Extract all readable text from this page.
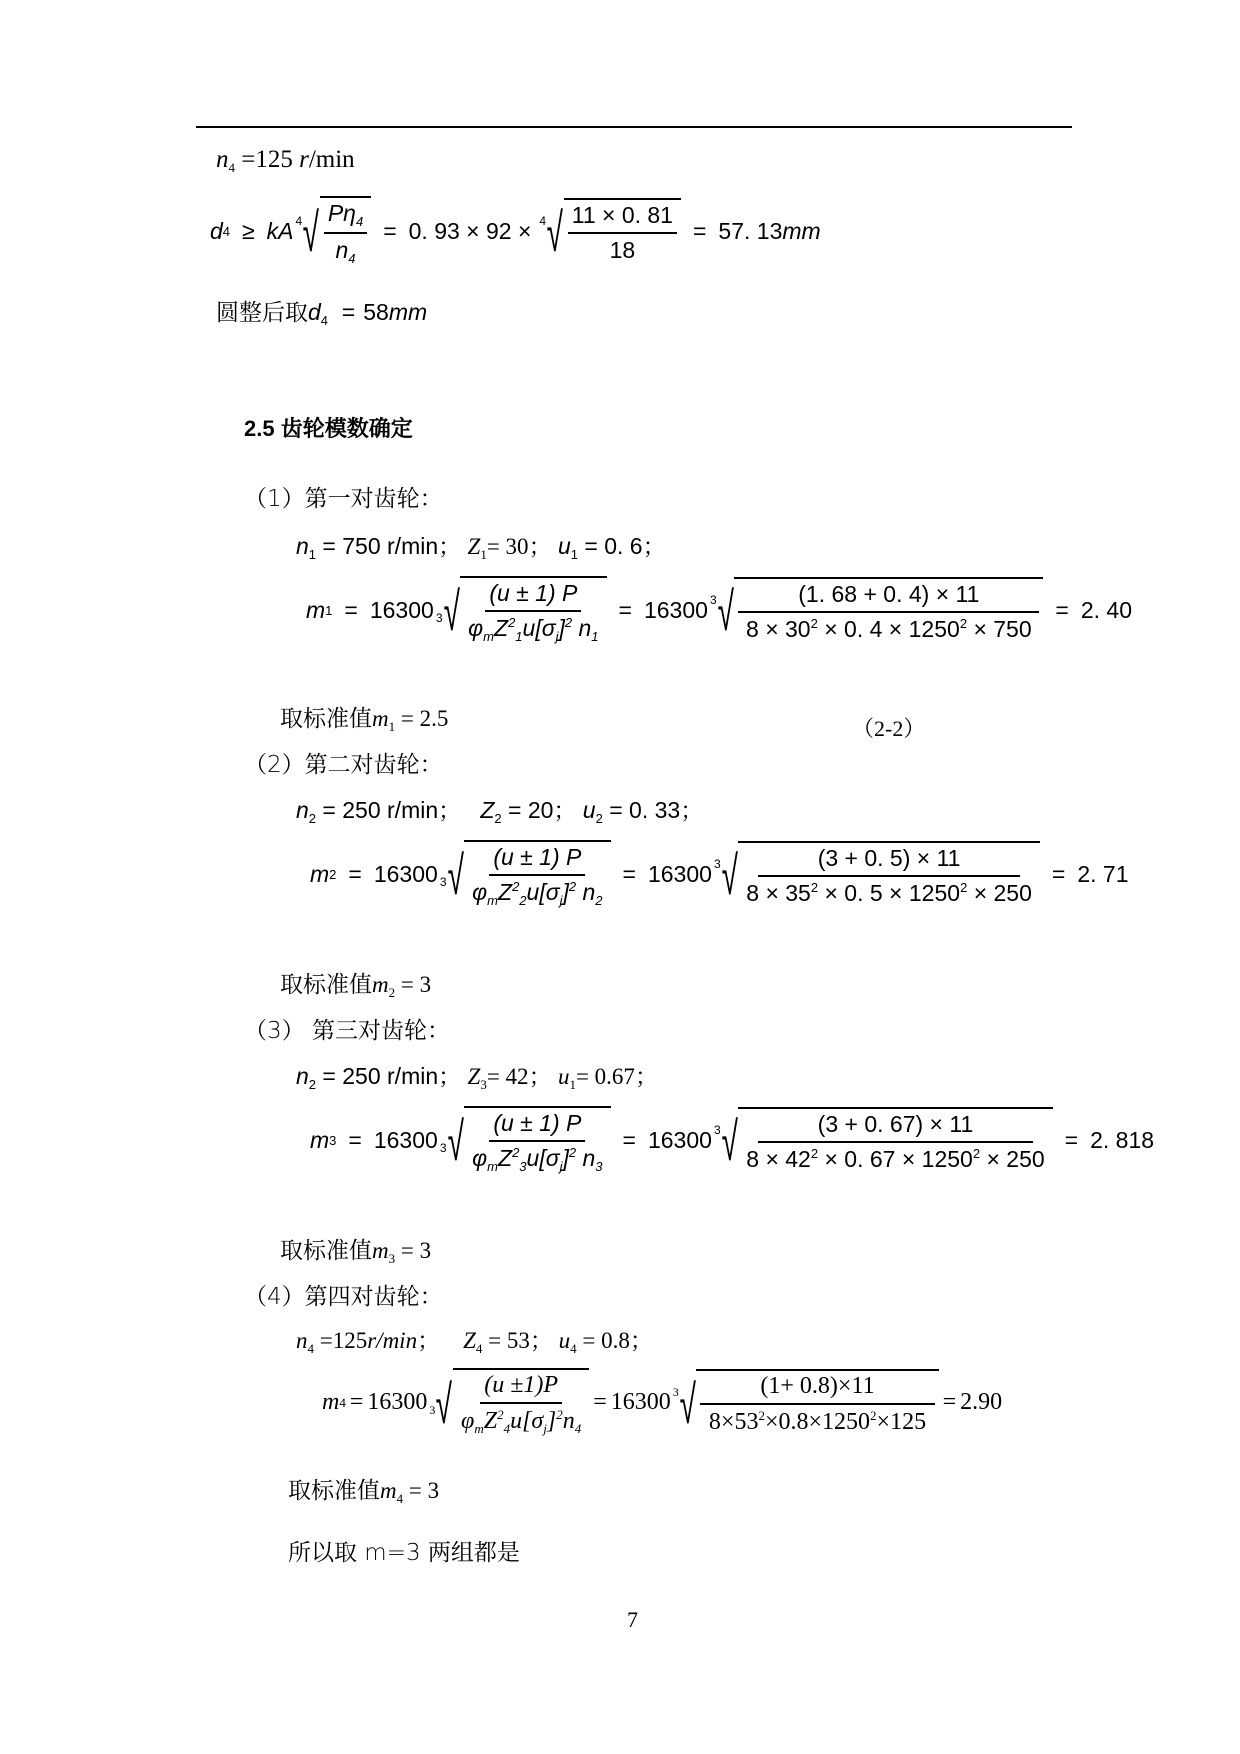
$n_4 =125$ r/min
d 4 ≥ kA 4 √ $\frac{P\eta_4}{n_4} = 0$. 93 × 92 × 4 √ $\frac{11 \times 0. 81}{18} = 57$. 13 mm
圆整后取$d_4 = 58mm$
2.5 齿轮模数确定
（1）第一对齿轮：
$n_1 = 750$ r/min； $Z_1= 30$； $u_1 = 0$. 6；
m 1 = 16300 3 √ $\frac{(u \pm 1) P}{\varphi_mZ^2_1u[\sigma_j]^2 n_1} = 16300$ 3 √ $\frac{(1. 68 + 0. 4) \times 11}{8 \times 30^2 \times 0. 4 \times 1250^2 \times 750} = 2$. 40
取标准值$m_1 = 2.5$	（2-2）
（2）第二对齿轮：
$n_2 = 250$ r/min； $Z_2 = 20$； $u_2 = 0$. 33；
m 2 = 16300 3 √ $\frac{(u \pm 1) P}{\varphi_mZ^2_2u[\sigma_j]^2 n_2} = 16300$ 3 √ $\frac{(3 + 0. 5) \times 11}{8 \times 35^2 \times 0. 5 \times 1250^2 \times 250} = 2$. 71
取标准值$m_2 = 3$
（3） 第三对齿轮：
$n_2 = 250$ r/min； $Z_3= 42$； $u_1= 0.67$；
m 3 = 16300 3 √ $\frac{(u \pm 1) P}{\varphi_mZ^2_3u[\sigma_j]^2 n_3} = 16300$ 3 √ $\frac{(3 + 0. 67) \times 11}{8 \times 42^2 \times 0. 67 \times 1250^2 \times 250} = 2$. 818
取标准值$m_3 = 3$
（4）第四对齿轮：
$n_4 =125r/\min$； $Z_4 = 53$； $u_4 = 0.8$；
m 4 = 16300 3 √ $\frac{(u \pm 1)P}{\varphi_mZ^2_4u[\sigma_j]^2n_4} = 16300$ 3 √ $\frac{(1+ 0.8)\times 11}{8\times 53^2\times 0.8\times 1250^2\times 125} = 2.90$
取标准值$m_4 = 3$
所以取 m=3 两组都是
7
